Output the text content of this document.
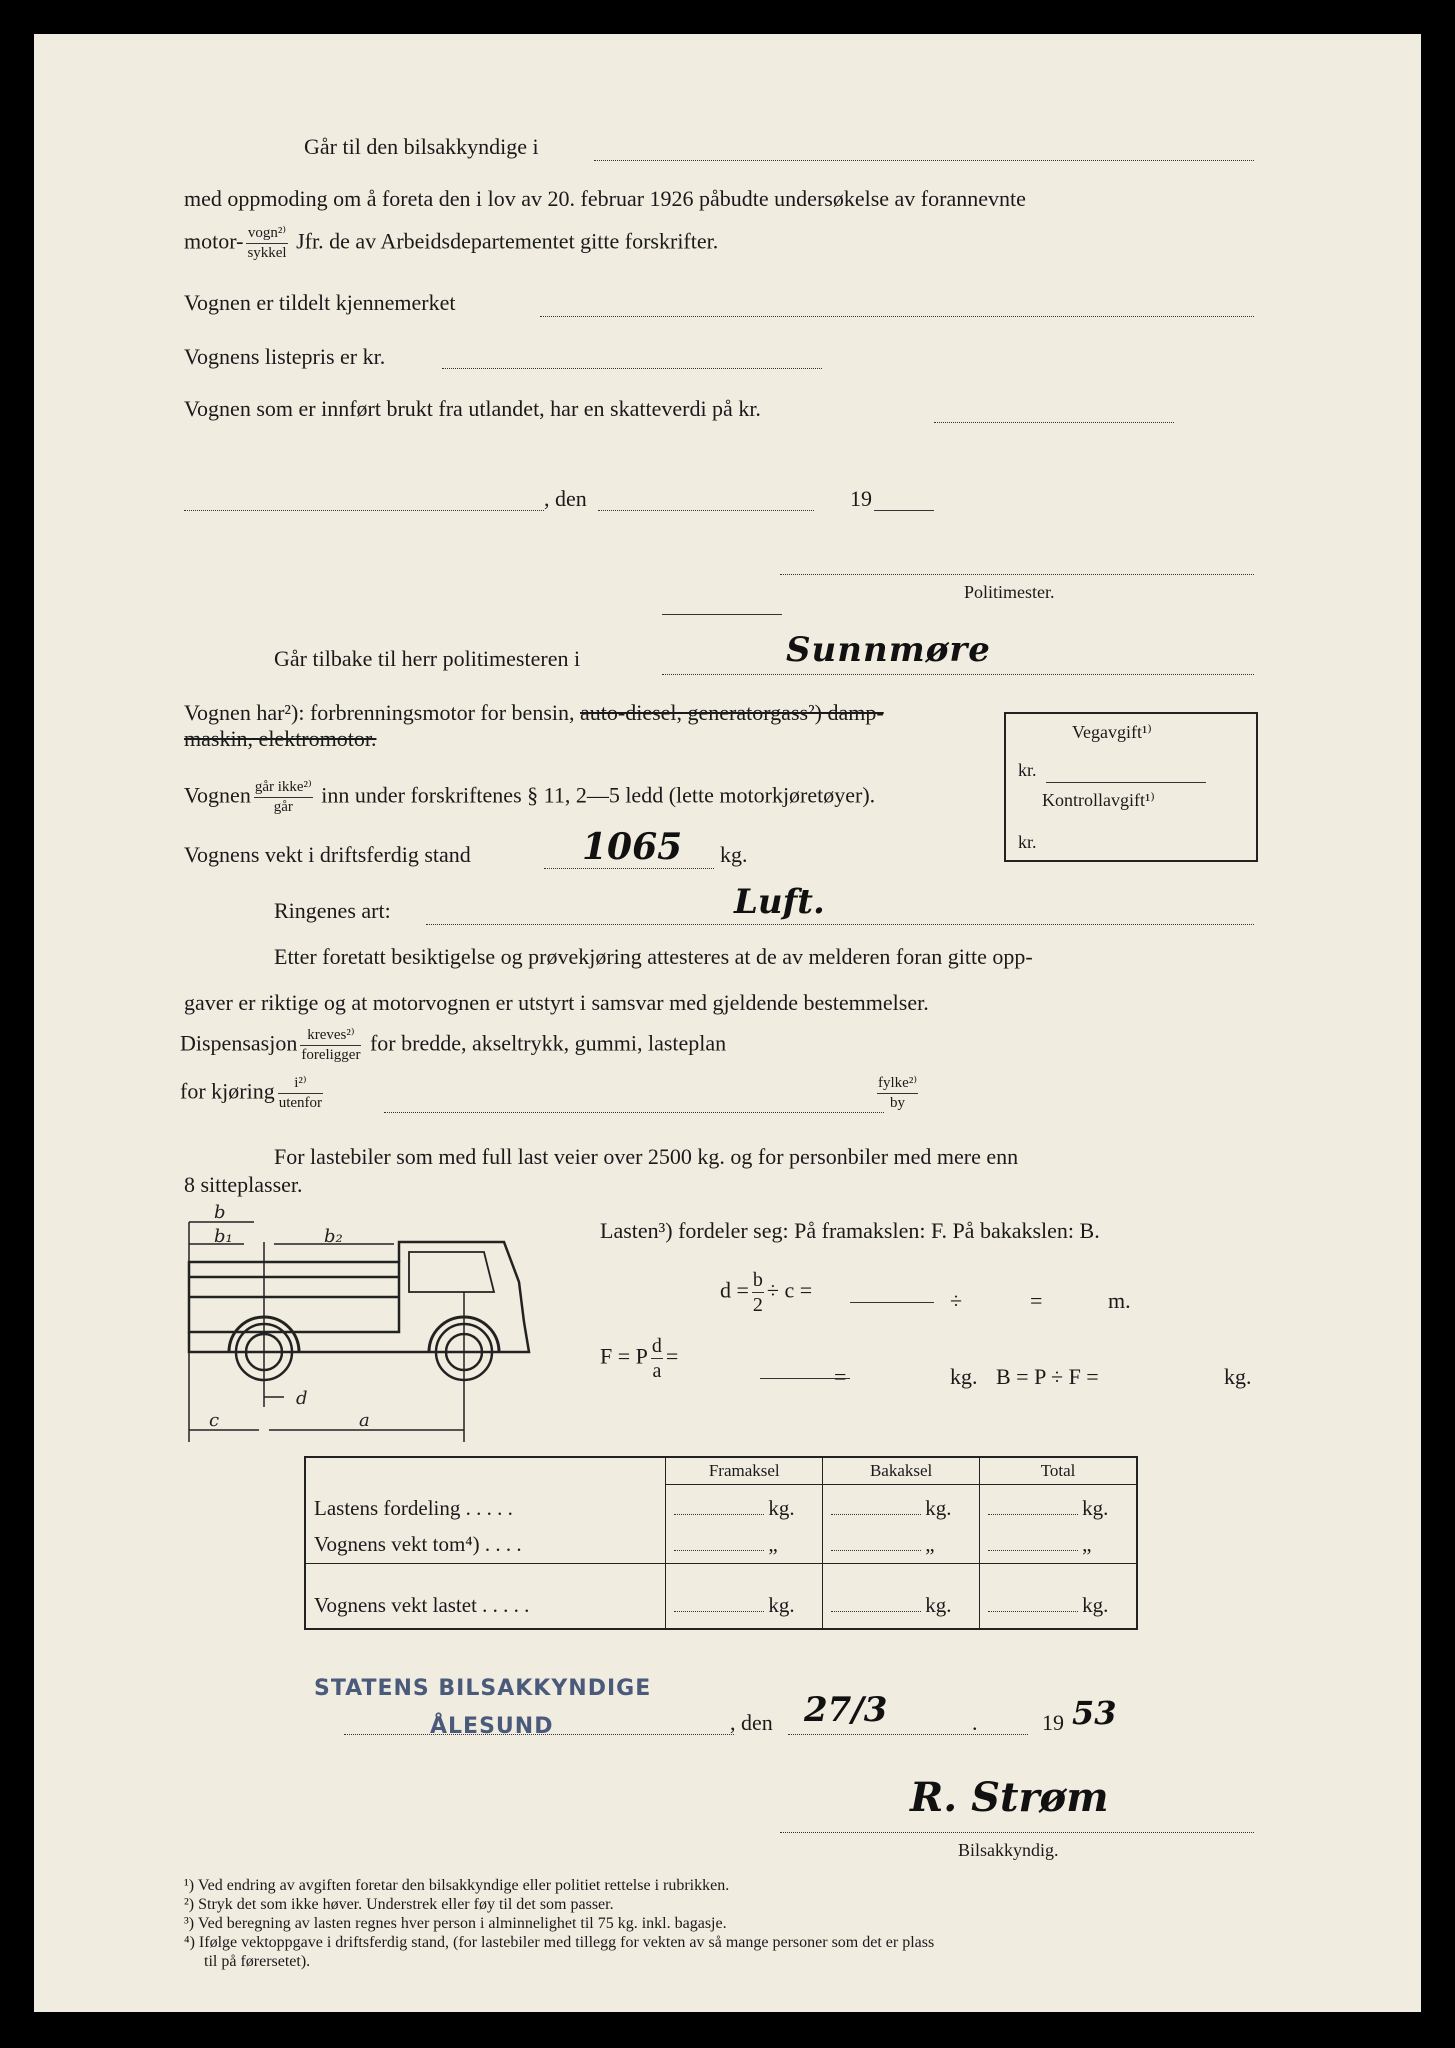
Går til den bilsakkyndige i
med oppmoding om å foreta den i lov av 20. februar 1926 påbudte undersøkelse av forannevnte
motor- $\frac{\text{vogn²⁾}}{\text{sykkel}}$ Jfr. de av Arbeidsdepartementet gitte forskrifter.
Vognen er tildelt kjennemerket
Vognens listepris er kr.
Vognen som er innført brukt fra utlandet, har en skatteverdi på kr.
, den	19
Politimester.
Går tilbake til herr politimesteren i	Sunnmøre
Vognen har²): forbrenningsmotor for bensin, auto-diesel, generatorgass²) damp-
maskin, elektromotor.	Vegavgift¹⁾
kr.
Kontrollavgift¹⁾
kr.
Vognen $\frac{\text{går ikke²⁾}}{\text{går}}$ inn under forskriftenes § 11, 2—5 ledd (lette motorkjøretøyer).
Vognens vekt i driftsferdig stand	1065 kg.
Ringenes art:	Luft.
Etter foretatt besiktigelse og prøvekjøring attesteres at de av melderen foran gitte opp-
gaver er riktige og at motorvognen er utstyrt i samsvar med gjeldende bestemmelser.
Dispensasjon $\frac{\text{kreves²⁾}}{\text{foreligger}}$ for bredde, akseltrykk, gummi, lasteplan
for kjøring $\frac{\text{i²⁾}}{\text{utenfor}}$	$\frac{\text{fylke²⁾}}{by}$
For lastebiler som med full last veier over 2500 kg. og for personbiler med mere enn
8 sitteplasser.
b
b₁	b₂
d
c	a
Lasten³) fordeler seg: På framakslen: F. På bakakslen: B.
$d = \frac{b}{2} \div c$ =	÷	=	m.
F = P $\frac{d}{a}$ =
=	kg. B = P ÷ F =	kg.
	Framaksel	Bakaksel	Total
Lastens fordeling . . . . .	kg.	kg.	kg.
Vognens vekt tom⁴) . . . .	„	„	„
Vognens vekt lastet . . . . .	kg.	kg.	kg.
STATENS BILSAKKYNDIGE
ÅLESUND	, den 27/3	.	19 53
R. Strøm
Bilsakkyndig.
¹) Ved endring av avgiften foretar den bilsakkyndige eller politiet rettelse i rubrikken.
²) Stryk det som ikke høver. Understrek eller føy til det som passer.
³) Ved beregning av lasten regnes hver person i alminnelighet til 75 kg. inkl. bagasje.
⁴) Ifølge vektoppgave i driftsferdig stand, (for lastebiler med tillegg for vekten av så mange personer som det er plass
til på førersetet).
